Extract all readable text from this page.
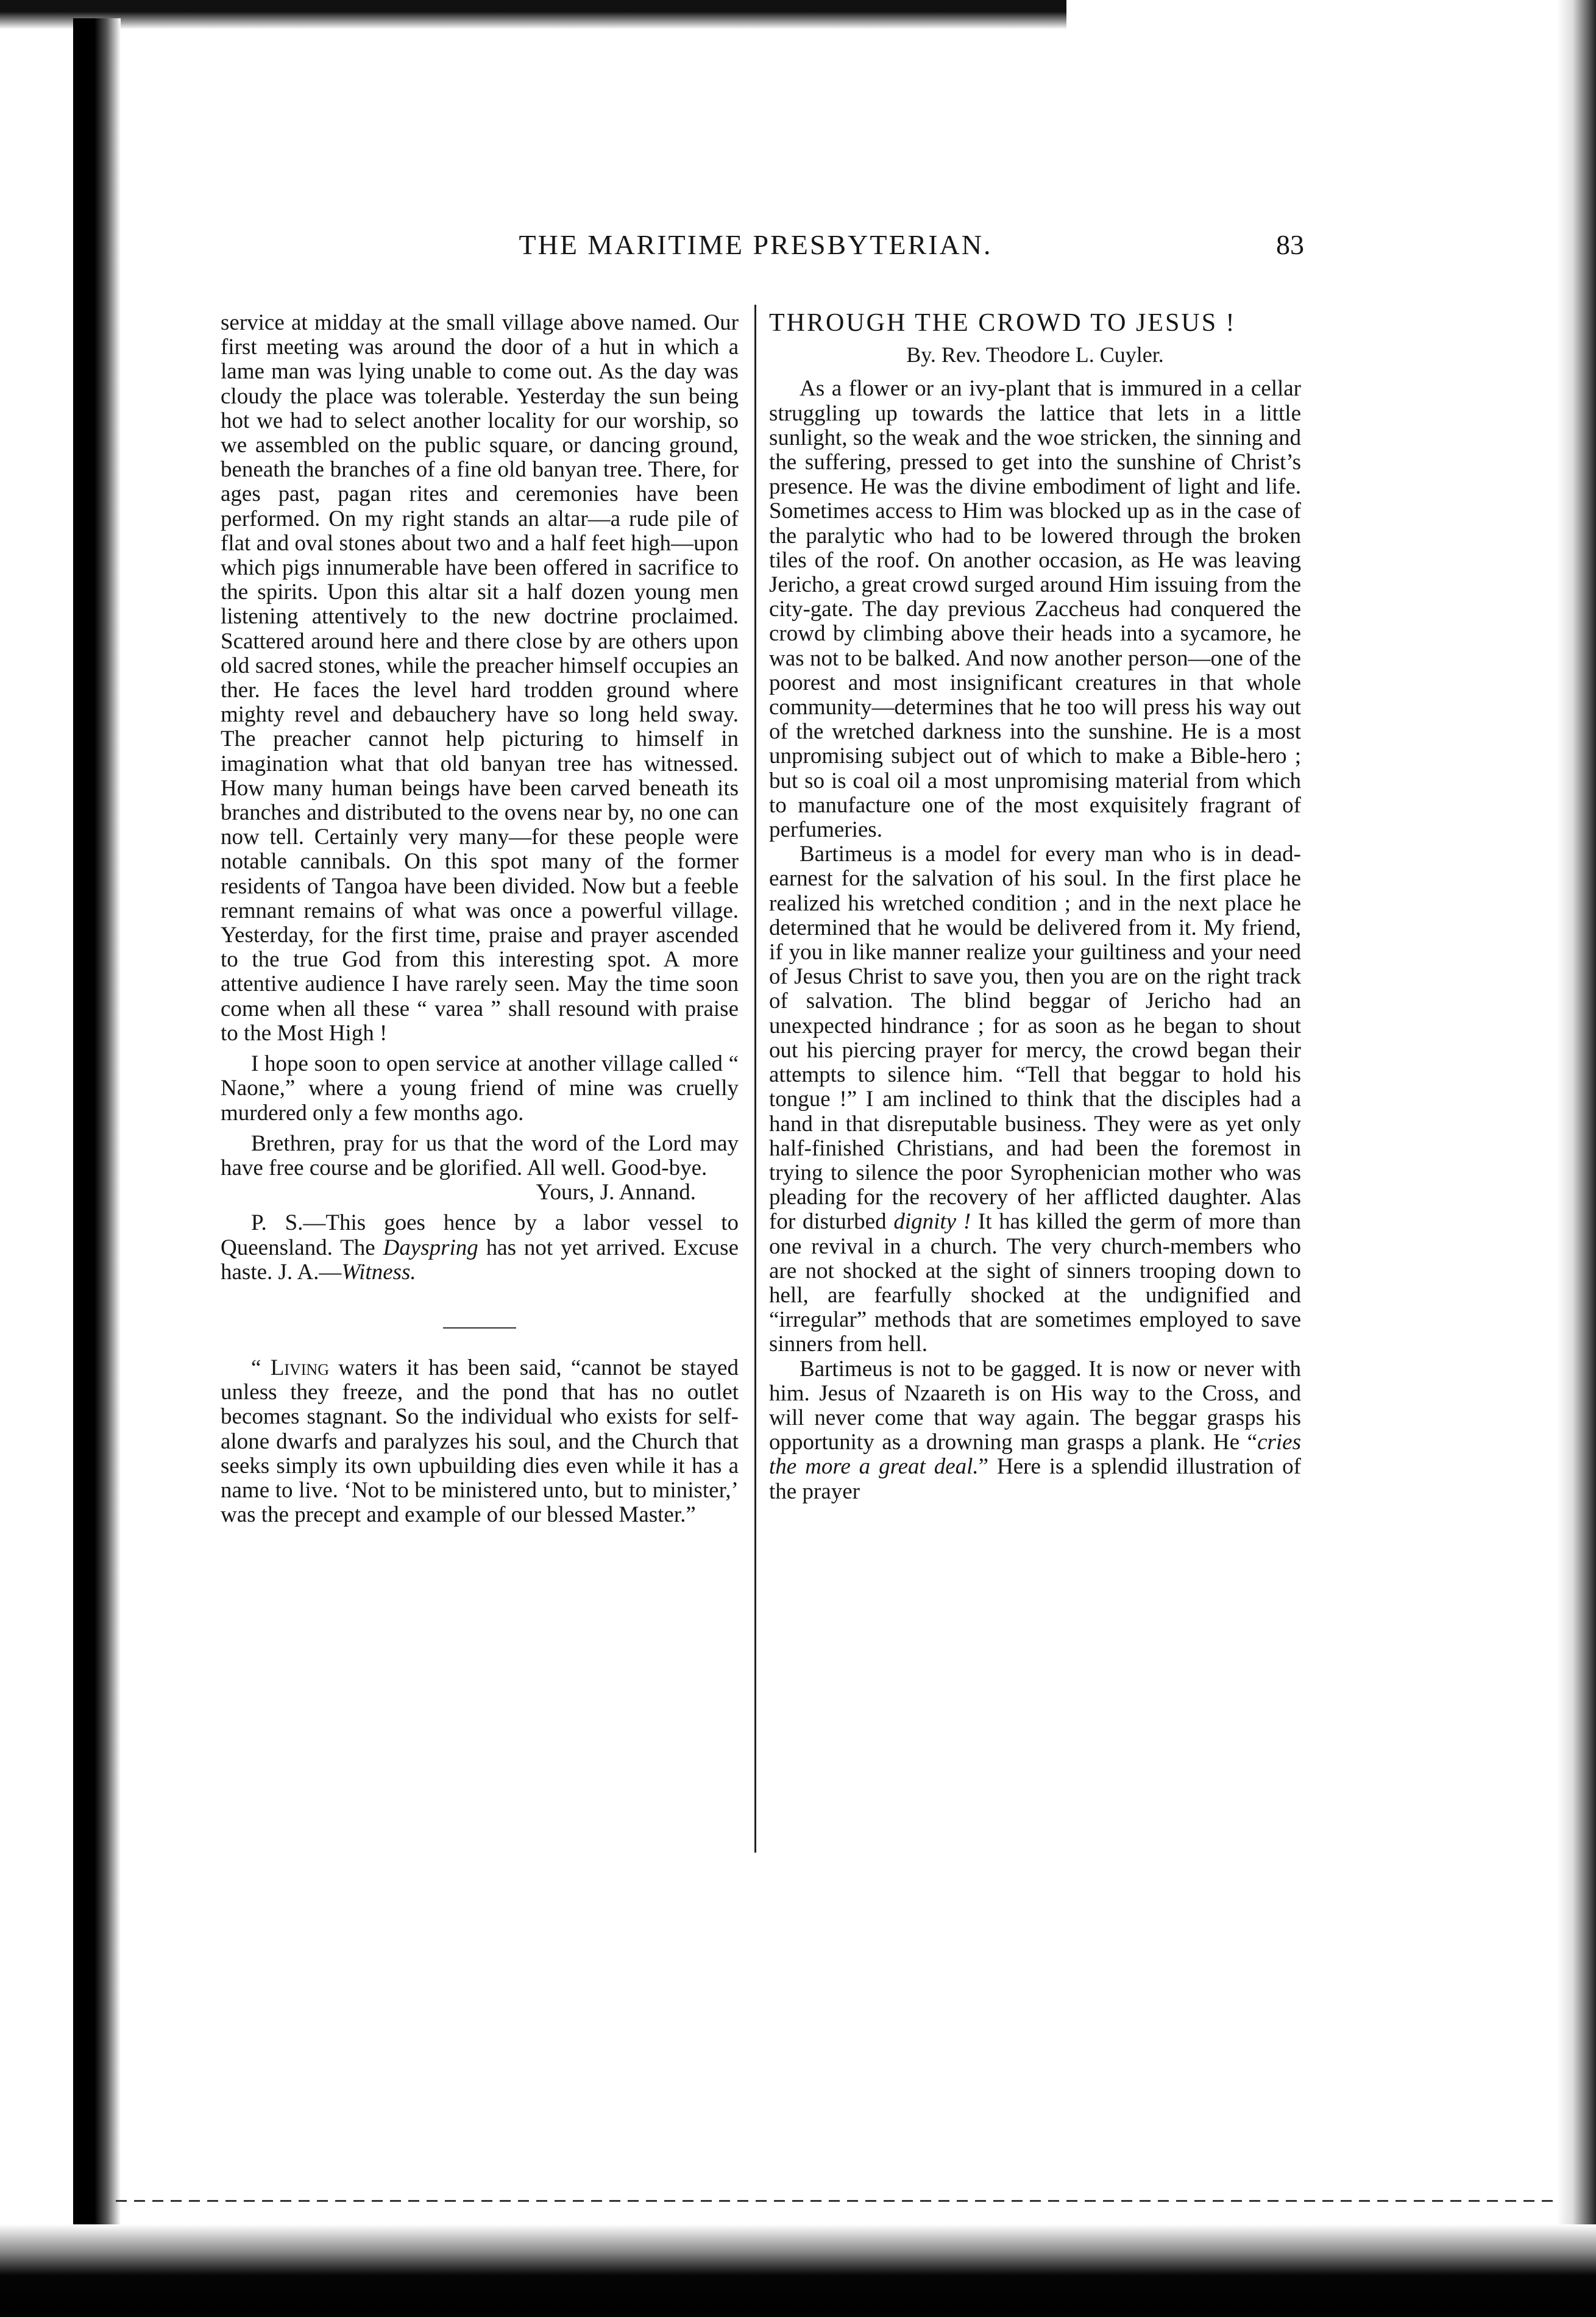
THE MARITIME PRESBYTERIAN.	83

service at midday at the small village above named. Our first meeting was around the door of a hut in which a lame man was lying unable to come out. As the day was cloudy the place was tolerable. Yesterday the sun being hot we had to select another locality for our worship, so we assembled on the public square, or dancing ground, beneath the branches of a fine old banyan tree. There, for ages past, pagan rites and ceremonies have been performed. On my right stands an altar—a rude pile of flat and oval stones about two and a half feet high—upon which pigs innumerable have been offered in sacrifice to the spirits. Upon this altar sit a half dozen young men listening attentively to the new doctrine proclaimed. Scattered around here and there close by are others upon old sacred stones, while the preacher himself occupies an ther. He faces the level hard trodden ground where mighty revel and debauchery have so long held sway. The preacher cannot help picturing to himself in imagination what that old banyan tree has witnessed. How many human beings have been carved beneath its branches and distributed to the ovens near by, no one can now tell. Certainly very many—for these people were notable cannibals. On this spot many of the former residents of Tangoa have been divided. Now but a feeble remnant remains of what was once a powerful village. Yesterday, for the first time, praise and prayer ascended to the true God from this interesting spot. A more attentive audience I have rarely seen. May the time soon come when all these “ varea ” shall resound with praise to the Most High !

I hope soon to open service at another village called “ Naone,” where a young friend of mine was cruelly murdered only a few months ago.

Brethren, pray for us that the word of the Lord may have free course and be glorified. All well. Good-bye.

Yours, J. Annand.

P. S.—This goes hence by a labor vessel to Queensland. The Dayspring has not yet arrived. Excuse haste. J. A.—Witness.

“ Living waters it has been said, “cannot be stayed unless they freeze, and the pond that has no outlet becomes stagnant. So the individual who exists for self-alone dwarfs and paralyzes his soul, and the Church that seeks simply its own upbuilding dies even while it has a name to live. ‘Not to be ministered unto, but to minister,’ was the precept and example of our blessed Master.”

THROUGH THE CROWD TO JESUS !
By. Rev. Theodore L. Cuyler.

As a flower or an ivy-plant that is immured in a cellar struggling up towards the lattice that lets in a little sunlight, so the weak and the woe stricken, the sinning and the suffering, pressed to get into the sunshine of Christ’s presence. He was the divine embodiment of light and life. Sometimes access to Him was blocked up as in the case of the paralytic who had to be lowered through the broken tiles of the roof. On another occasion, as He was leaving Jericho, a great crowd surged around Him issuing from the city-gate. The day previous Zaccheus had conquered the crowd by climbing above their heads into a sycamore, he was not to be balked. And now another person—one of the poorest and most insignificant creatures in that whole community—determines that he too will press his way out of the wretched darkness into the sunshine. He is a most unpromising subject out of which to make a Bible-hero ; but so is coal oil a most unpromising material from which to manufacture one of the most exquisitely fragrant of perfumeries.

Bartimeus is a model for every man who is in dead-earnest for the salvation of his soul. In the first place he realized his wretched condition ; and in the next place he determined that he would be delivered from it. My friend, if you in like manner realize your guiltiness and your need of Jesus Christ to save you, then you are on the right track of salvation. The blind beggar of Jericho had an unexpected hindrance ; for as soon as he began to shout out his piercing prayer for mercy, the crowd began their attempts to silence him. “Tell that beggar to hold his tongue !” I am inclined to think that the disciples had a hand in that disreputable business. They were as yet only half-finished Christians, and had been the foremost in trying to silence the poor Syrophenician mother who was pleading for the recovery of her afflicted daughter. Alas for disturbed dignity ! It has killed the germ of more than one revival in a church. The very church-members who are not shocked at the sight of sinners trooping down to hell, are fearfully shocked at the undignified and “irregular” methods that are sometimes employed to save sinners from hell.

Bartimeus is not to be gagged. It is now or never with him. Jesus of Nzaareth is on His way to the Cross, and will never come that way again. The beggar grasps his opportunity as a drowning man grasps a plank. He “cries the more a great deal.” Here is a splendid illustration of the prayer
